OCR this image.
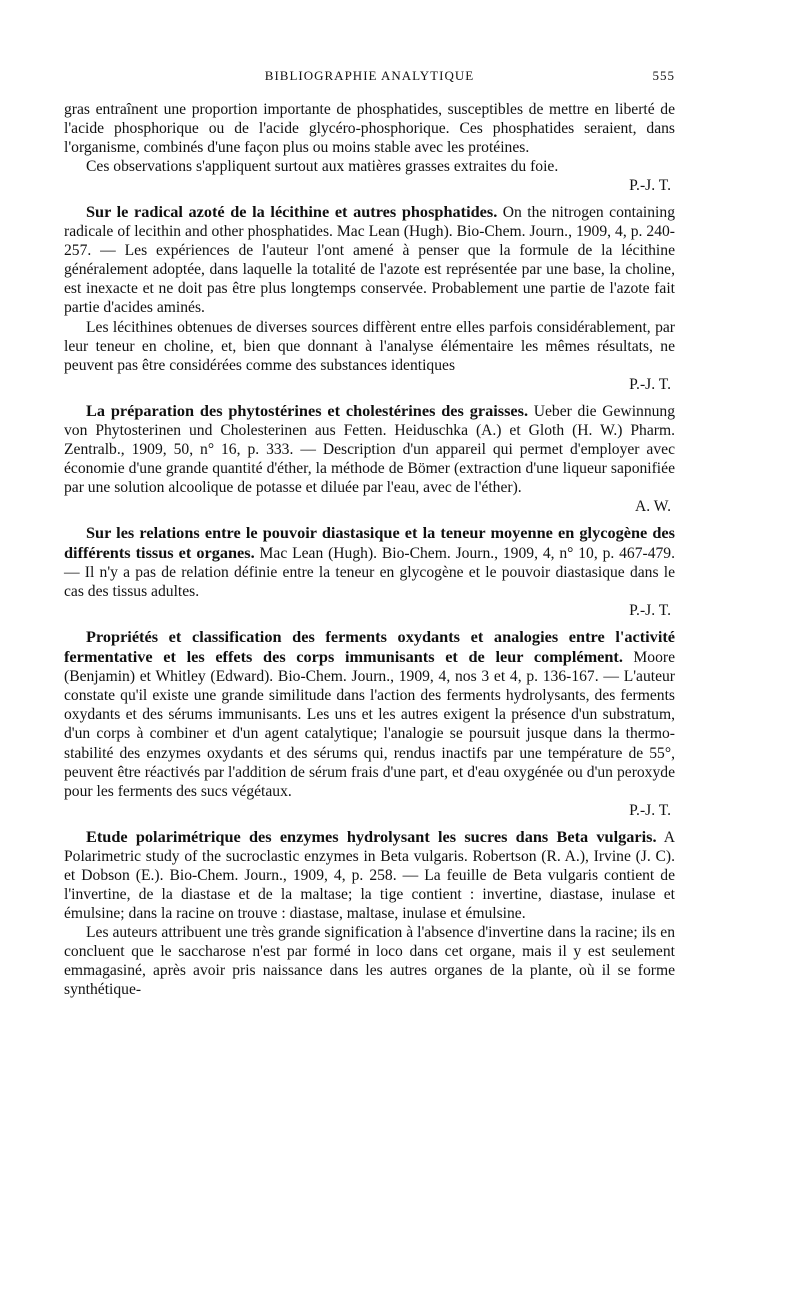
BIBLIOGRAPHIE ANALYTIQUE	555

gras entraînent une proportion importante de phosphatides, susceptibles de mettre en liberté de l'acide phosphorique ou de l'acide glycéro-phosphorique. Ces phosphatides seraient, dans l'organisme, combinés d'une façon plus ou moins stable avec les protéines.

Ces observations s'appliquent surtout aux matières grasses extraites du foie.

P.-J. T.

Sur le radical azoté de la lécithine et autres phosphatides. On the nitrogen containing radicale of lecithin and other phosphatides. Mac Lean (Hugh). Bio-Chem. Journ., 1909, 4, p. 240-257. — Les expériences de l'auteur l'ont amené à penser que la formule de la lécithine généralement adoptée, dans laquelle la totalité de l'azote est représentée par une base, la choline, est inexacte et ne doit pas être plus longtemps conservée. Probablement une partie de l'azote fait partie d'acides aminés.

Les lécithines obtenues de diverses sources diffèrent entre elles parfois considérablement, par leur teneur en choline, et, bien que donnant à l'analyse élémentaire les mêmes résultats, ne peuvent pas être considérées comme des substances identiques

P.-J. T.

La préparation des phytostérines et cholestérines des graisses. Ueber die Gewinnung von Phytosterinen und Cholesterinen aus Fetten. Heiduschka (A.) et Gloth (H. W.) Pharm. Zentralb., 1909, 50, n° 16, p. 333. — Description d'un appareil qui permet d'employer avec économie d'une grande quantité d'éther, la méthode de Bömer (extraction d'une liqueur saponifiée par une solution alcoolique de potasse et diluée par l'eau, avec de l'éther).

A. W.

Sur les relations entre le pouvoir diastasique et la teneur moyenne en glycogène des différents tissus et organes. Mac Lean (Hugh). Bio-Chem. Journ., 1909, 4, n° 10, p. 467-479. — Il n'y a pas de relation définie entre la teneur en glycogène et le pouvoir diastasique dans le cas des tissus adultes.

P.-J. T.

Propriétés et classification des ferments oxydants et analogies entre l'activité fermentative et les effets des corps immunisants et de leur complément. Moore (Benjamin) et Whitley (Edward). Bio-Chem. Journ., 1909, 4, nos 3 et 4, p. 136-167. — L'auteur constate qu'il existe une grande similitude dans l'action des ferments hydrolysants, des ferments oxydants et des sérums immunisants. Les uns et les autres exigent la présence d'un substratum, d'un corps à combiner et d'un agent catalytique; l'analogie se poursuit jusque dans la thermo-stabilité des enzymes oxydants et des sérums qui, rendus inactifs par une température de 55°, peuvent être réactivés par l'addition de sérum frais d'une part, et d'eau oxygénée ou d'un peroxyde pour les ferments des sucs végétaux.

P.-J. T.

Etude polarimétrique des enzymes hydrolysant les sucres dans Beta vulgaris. A Polarimetric study of the sucroclastic enzymes in Beta vulgaris. Robertson (R. A.), Irvine (J. C). et Dobson (E.). Bio-Chem. Journ., 1909, 4, p. 258. — La feuille de Beta vulgaris contient de l'invertine, de la diastase et de la maltase; la tige contient : invertine, diastase, inulase et émulsine; dans la racine on trouve : diastase, maltase, inulase et émulsine.

Les auteurs attribuent une très grande signification à l'absence d'invertine dans la racine; ils en concluent que le saccharose n'est par formé in loco dans cet organe, mais il y est seulement emmagasiné, après avoir pris naissance dans les autres organes de la plante, où il se forme synthétique-
